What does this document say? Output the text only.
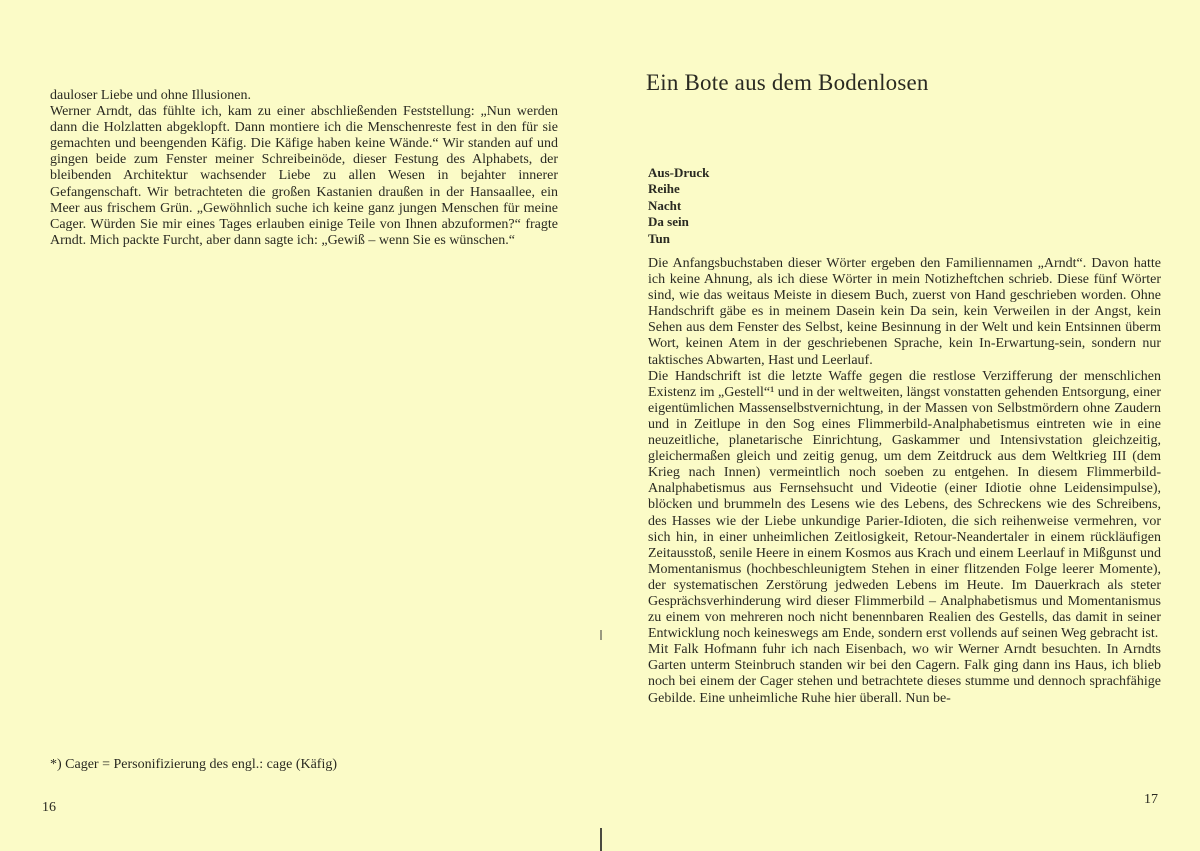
dauloser Liebe und ohne Illusionen.

Werner Arndt, das fühlte ich, kam zu einer abschließenden Feststellung: „Nun werden dann die Holzlatten abgeklopft. Dann montiere ich die Menschenreste fest in den für sie gemachten und beengenden Käfig. Die Käfige haben keine Wände.“ Wir standen auf und gingen beide zum Fenster meiner Schreibeinöde, dieser Festung des Alphabets, der bleibenden Architektur wachsender Liebe zu allen Wesen in bejahter innerer Gefangenschaft. Wir betrachteten die großen Kastanien draußen in der Hansaallee, ein Meer aus frischem Grün. „Gewöhnlich suche ich keine ganz jungen Menschen für meine Cager. Würden Sie mir eines Tages erlauben einige Teile von Ihnen abzuformen?“ fragte Arndt. Mich packte Furcht, aber dann sagte ich: „Gewiß – wenn Sie es wünschen.“

*) Cager = Personifizierung des engl.: cage (Käfig)
16
Ein Bote aus dem Bodenlosen
Aus-Druck
Reihe
Nacht
Da sein
Tun

Die Anfangsbuchstaben dieser Wörter ergeben den Familiennamen „Arndt“. Davon hatte ich keine Ahnung, als ich diese Wörter in mein Notizheftchen schrieb. Diese fünf Wörter sind, wie das weitaus Meiste in diesem Buch, zuerst von Hand geschrieben worden. Ohne Handschrift gäbe es in meinem Dasein kein Da sein, kein Verweilen in der Angst, kein Sehen aus dem Fenster des Selbst, keine Besinnung in der Welt und kein Entsinnen überm Wort, keinen Atem in der geschriebenen Sprache, kein In-Erwartung-sein, sondern nur taktisches Abwarten, Hast und Leerlauf.

Die Handschrift ist die letzte Waffe gegen die restlose Verzifferung der menschlichen Existenz im „Gestell“¹ und in der weltweiten, längst vonstatten gehenden Entsorgung, einer eigentümlichen Massenselbstvernichtung, in der Massen von Selbstmördern ohne Zaudern und in Zeitlupe in den Sog eines Flimmerbild-Analphabetismus eintreten wie in eine neuzeitliche, planetarische Einrichtung, Gaskammer und Intensivstation gleichzeitig, gleichermaßen gleich und zeitig genug, um dem Zeitdruck aus dem Weltkrieg III (dem Krieg nach Innen) vermeintlich noch soeben zu entgehen. In diesem Flimmerbild-Analphabetismus aus Fernsehsucht und Videotie (einer Idiotie ohne Leidensimpulse), blöcken und brummeln des Lesens wie des Lebens, des Schreckens wie des Schreibens, des Hasses wie der Liebe unkundige Parier-Idioten, die sich reihenweise vermehren, vor sich hin, in einer unheimlichen Zeitlosigkeit, Retour-Neandertaler in einem rückläufigen Zeitausstoß, senile Heere in einem Kosmos aus Krach und einem Leerlauf in Mißgunst und Momentanismus (hochbeschleunigtem Stehen in einer flitzenden Folge leerer Momente), der systematischen Zerstörung jedweden Lebens im Heute. Im Dauerkrach als steter Gesprächsverhinderung wird dieser Flimmerbild – Analphabetismus und Momentanismus zu einem von mehreren noch nicht benennbaren Realien des Gestells, das damit in seiner Entwicklung noch keineswegs am Ende, sondern erst vollends auf seinen Weg gebracht ist.

Mit Falk Hofmann fuhr ich nach Eisenbach, wo wir Werner Arndt besuchten. In Arndts Garten unterm Steinbruch standen wir bei den Cagern. Falk ging dann ins Haus, ich blieb noch bei einem der Cager stehen und betrachtete dieses stumme und dennoch sprachfähige Gebilde. Eine unheimliche Ruhe hier überall. Nun be-

17
